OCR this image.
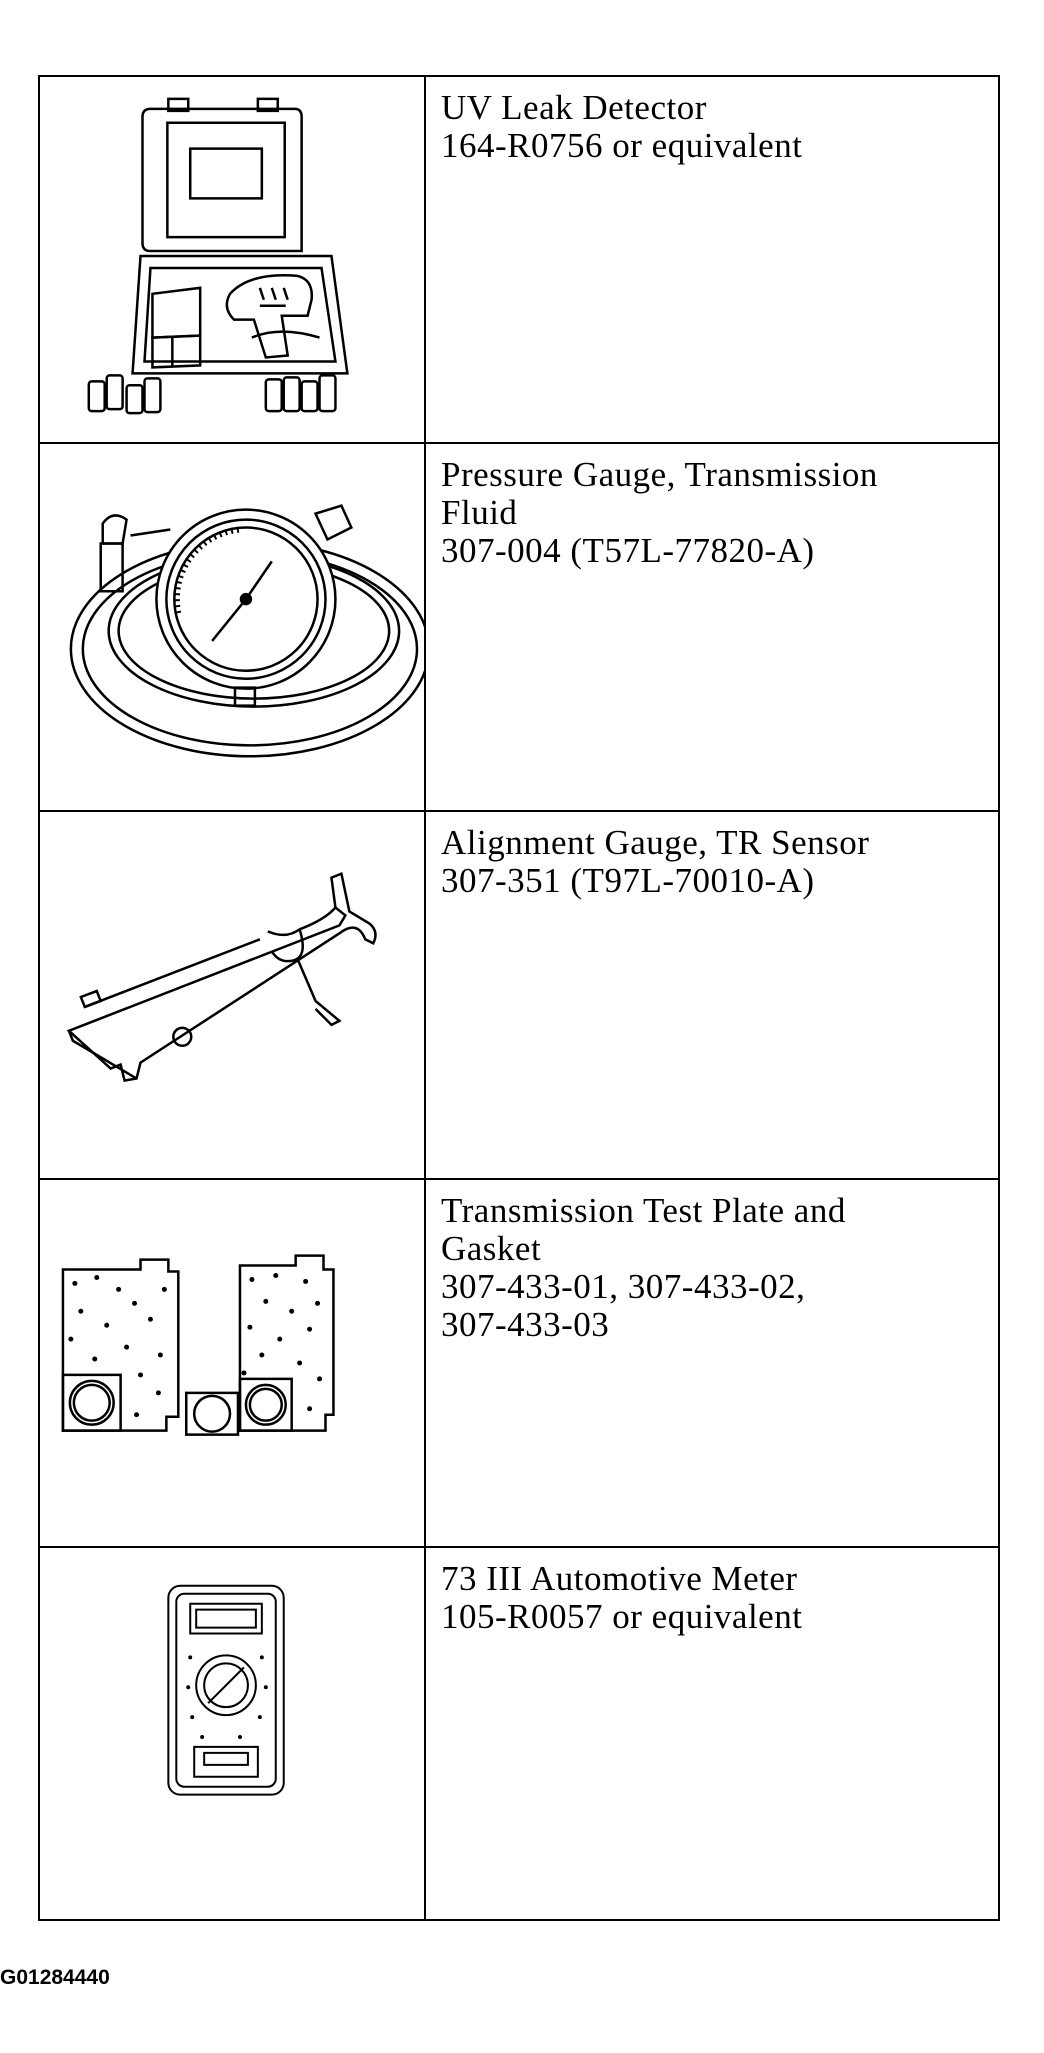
UV Leak Detector
164-R0756 or equivalent

Pressure Gauge, Transmission
Fluid
307-004 (T57L-77820-A)

Alignment Gauge, TR Sensor
307-351 (T97L-70010-A)

Transmission Test Plate and
Gasket
307-433-01, 307-433-02,
307-433-03

73 III Automotive Meter
105-R0057 or equivalent
G01284440
